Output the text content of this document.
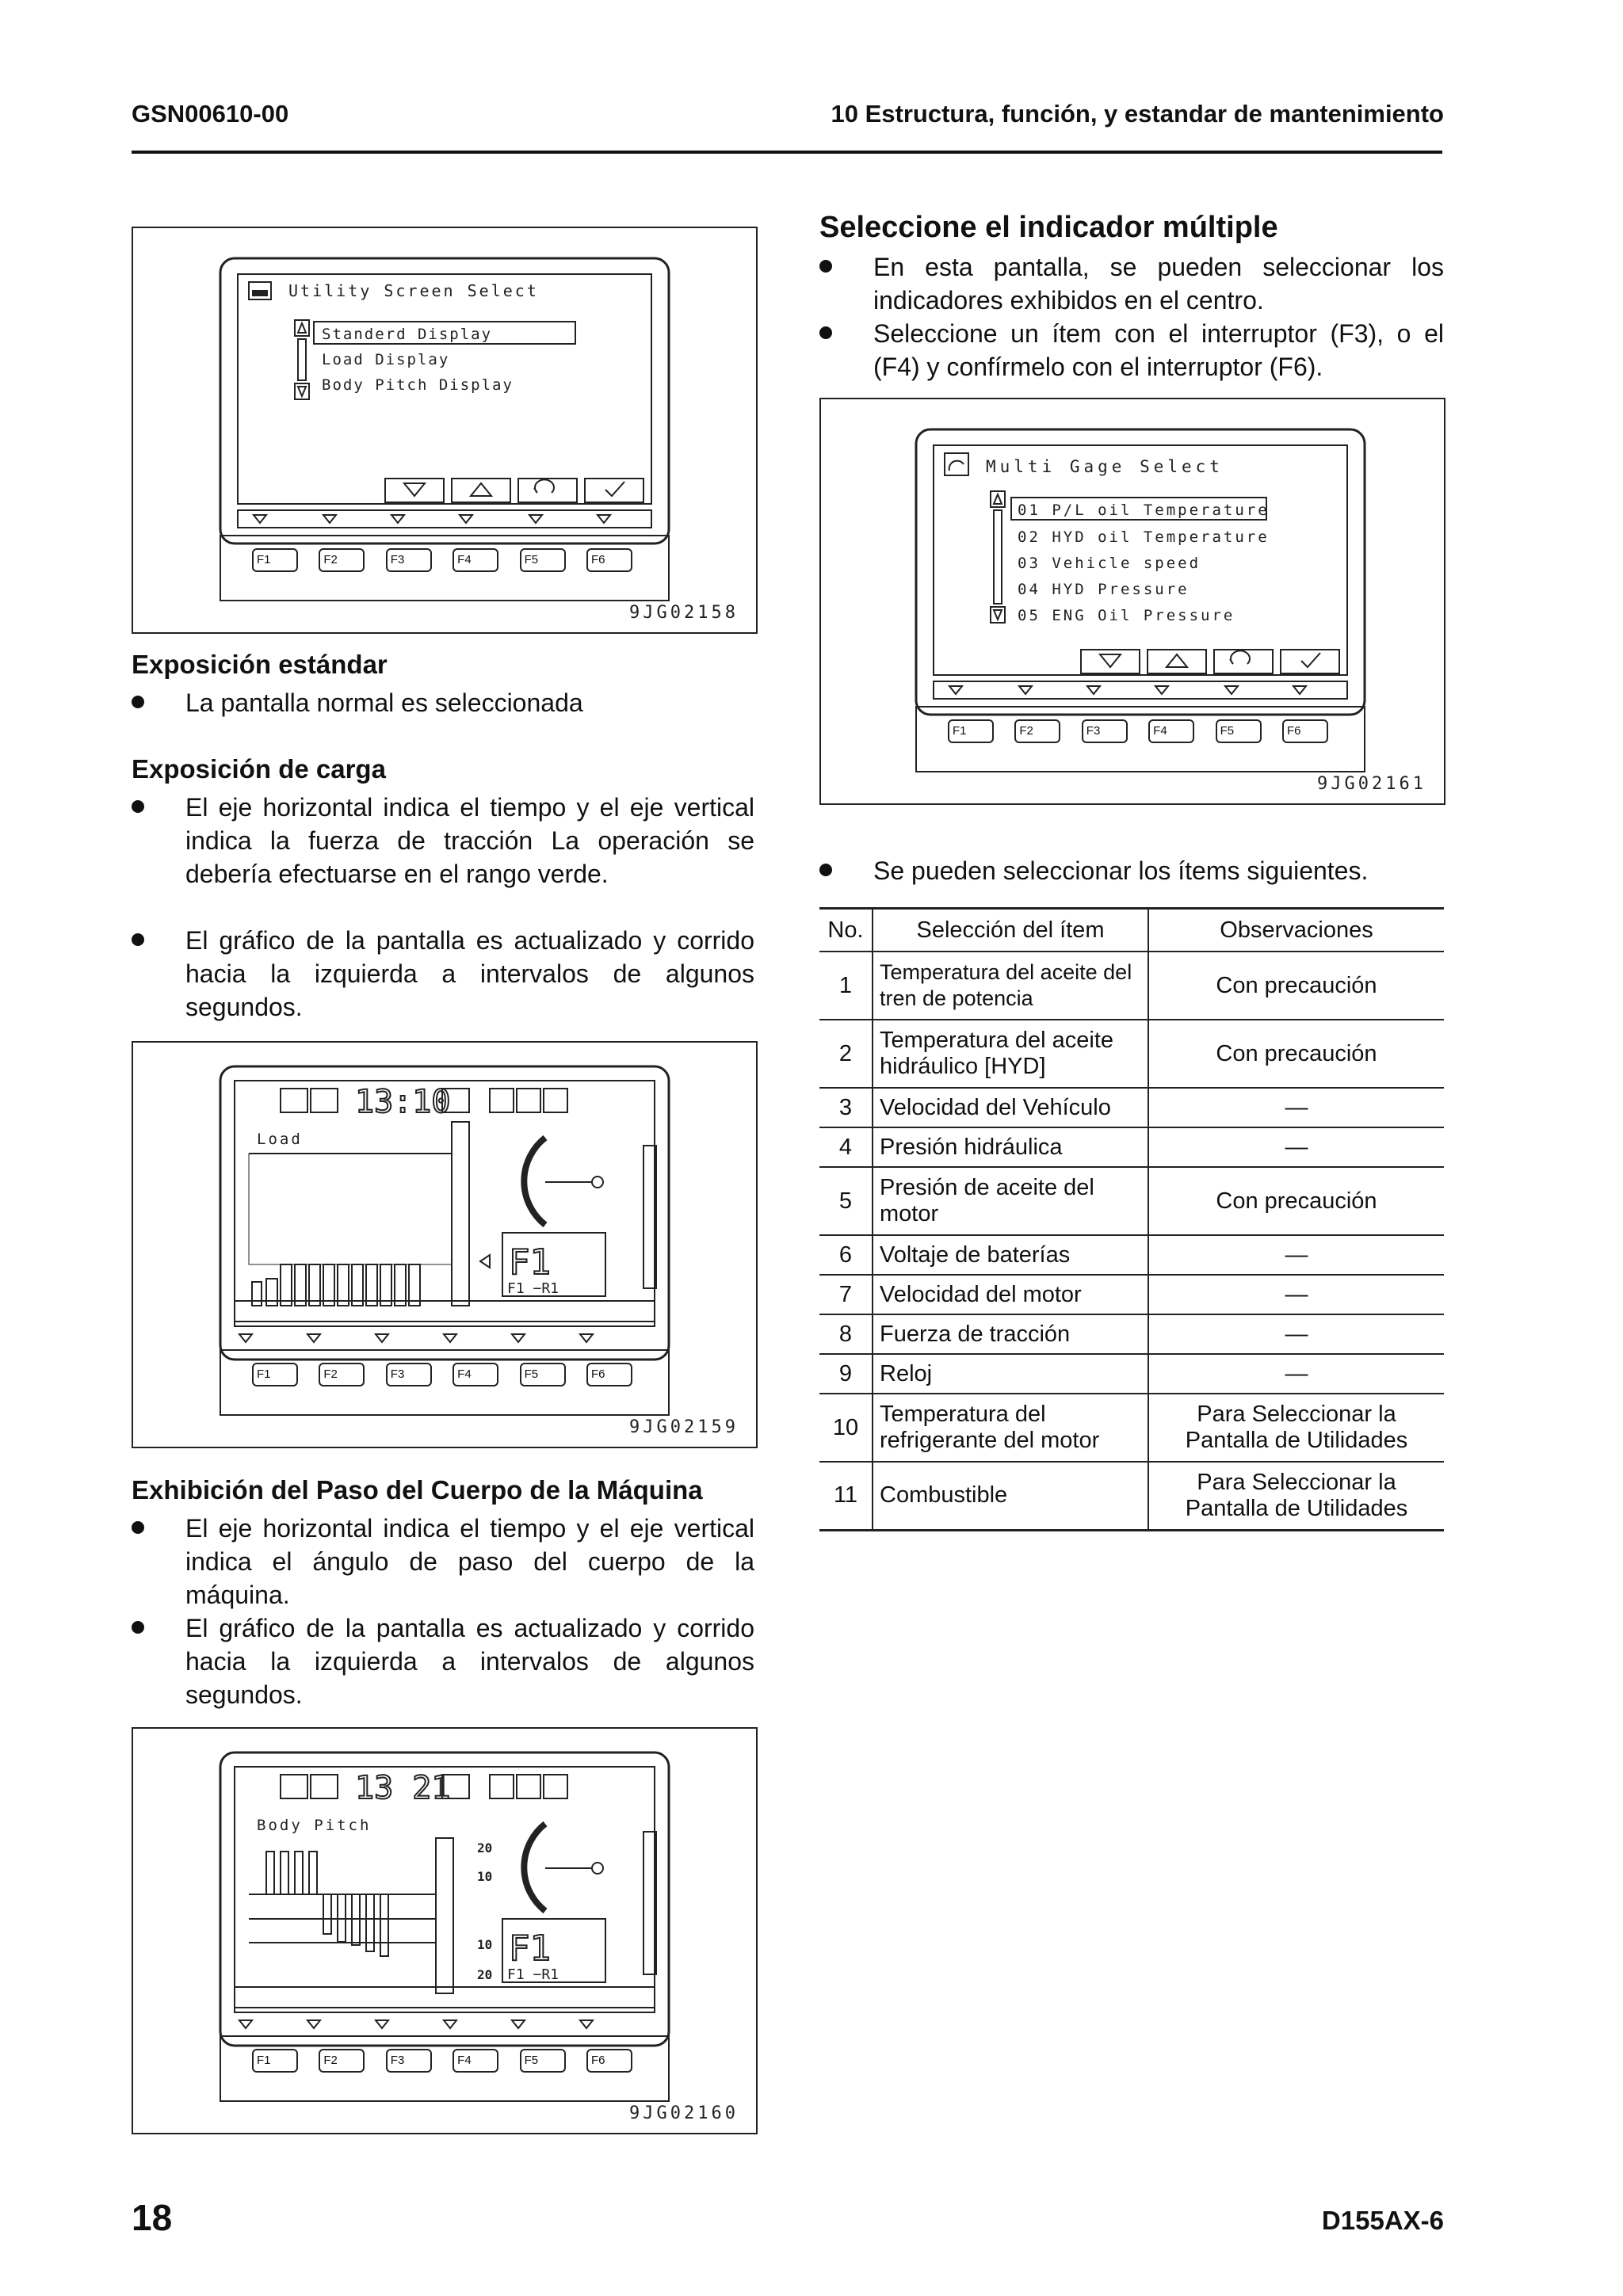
GSN00610-00	10 Estructura, función, y estandar de mantenimiento
Utility Screen Select
Standerd Display
Load Display
Body Pitch Display
F1	F2	F3	F4	F5	F6
9JG02158
Exposición estándar
La pantalla normal es seleccionada
Exposición de carga
El eje horizontal indica el tiempo y el eje vertical indica la fuerza de tracción La operación se debería efectuarse en el rango verde.
El gráfico de la pantalla es actualizado y corrido hacia la izquierda a intervalos de algunos segundos.
13:10
Load
F1
F1 −R1
F1	F2	F3	F4	F5	F6
9JG02159
Exhibición del Paso del Cuerpo de la Máquina
El eje horizontal indica el tiempo y el eje vertical indica el ángulo de paso del cuerpo de la máquina.
El gráfico de la pantalla es actualizado y corrido hacia la izquierda a intervalos de algunos segundos.
13 21
Body Pitch
20
10
10
20
F1
F1 −R1
F1	F2	F3	F4	F5	F6
9JG02160
Seleccione el indicador múltiple
En esta pantalla, se pueden seleccionar los indicadores exhibidos en el centro.
Seleccione un ítem con el interruptor (F3), o el (F4) y confírmelo con el interruptor (F6).
Multi Gage Select
01 P/L oil Temperature
02 HYD oil Temperature
03 Vehicle speed
04 HYD Pressure
05 ENG Oil Pressure
F1	F2	F3	F4	F5	F6
9JG02161
Se pueden seleccionar los ítems siguientes.
No.	Selección del ítem	Observaciones
1	Temperatura del aceite del tren de potencia	Con precaución
2	Temperatura del aceite hidráulico [HYD]	Con precaución
3	Velocidad del Vehículo	—
4	Presión hidráulica	—
5	Presión de aceite del motor	Con precaución
6	Voltaje de baterías	—
7	Velocidad del motor	—
8	Fuerza de tracción	—
9	Reloj	—
10	Temperatura del refrigerante del motor	Para Seleccionar la Pantalla de Utilidades
11	Combustible	Para Seleccionar la Pantalla de Utilidades
18	D155AX-6
